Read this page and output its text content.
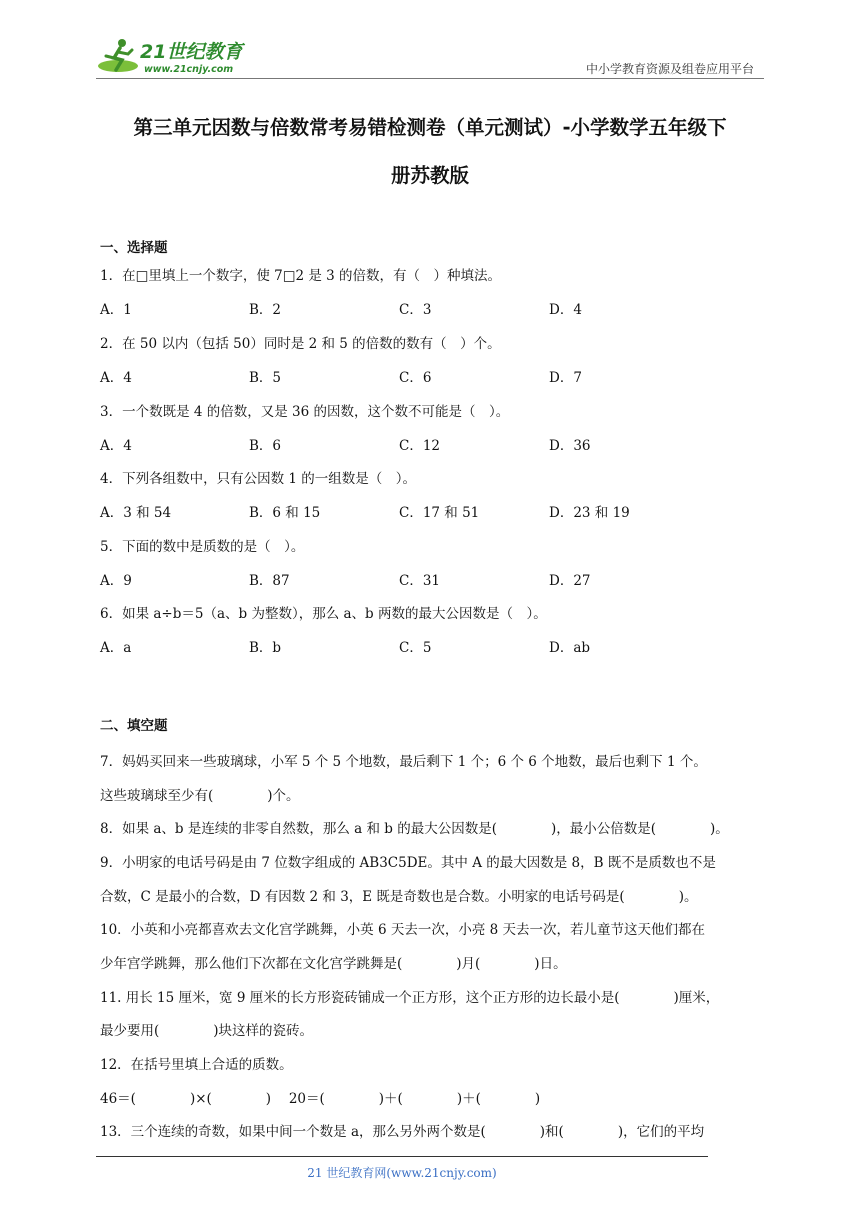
21世纪教育
www.21cnjy.com	中小学教育资源及组卷应用平台
第三单元因数与倍数常考易错检测卷（单元测试）-小学数学五年级下
册苏教版
一、选择题
1．在□里填上一个数字，使 7□2 是 3 的倍数，有（　）种填法。
A．1	B．2	C．3	D．4
2．在 50 以内（包括 50）同时是 2 和 5 的倍数的数有（　）个。
A．4	B．5	C．6	D．7
3．一个数既是 4 的倍数，又是 36 的因数，这个数不可能是（　）。
A．4	B．6	C．12	D．36
4．下列各组数中，只有公因数 1 的一组数是（　）。
A．3 和 54	B．6 和 15	C．17 和 51	D．23 和 19
5．下面的数中是质数的是（　）。
A．9	B．87	C．31	D．27
6．如果 a÷b＝5（a、b 为整数），那么 a、b 两数的最大公因数是（　）。
A．a	B．b	C．5	D．ab
二、填空题
7．妈妈买回来一些玻璃球，小军 5 个 5 个地数，最后剩下 1 个；6 个 6 个地数，最后也剩下 1 个。
这些玻璃球至少有(　　　　)个。
8．如果 a、b 是连续的非零自然数，那么 a 和 b 的最大公因数是(　　　　)，最小公倍数是(　　　　)。
9．小明家的电话号码是由 7 位数字组成的 AB3C5DE。其中 A 的最大因数是 8，B 既不是质数也不是
合数，C 是最小的合数，D 有因数 2 和 3，E 既是奇数也是合数。小明家的电话号码是(　　　　)。
10．小英和小亮都喜欢去文化宫学跳舞，小英 6 天去一次，小亮 8 天去一次，若儿童节这天他们都在
少年宫学跳舞，那么他们下次都在文化宫学跳舞是(　　　　)月(　　　　)日。
11. 用长 15 厘米，宽 9 厘米的长方形瓷砖铺成一个正方形，这个正方形的边长最小是(　　　　)厘米，
最少要用(　　　　)块这样的瓷砖。
12．在括号里填上合适的质数。
46＝(　　　　)×(　　　　)　 20＝(　　　　)＋(　　　　)＋(　　　　)
13．三个连续的奇数，如果中间一个数是 a，那么另外两个数是(　　　　)和(　　　　)，它们的平均
21 世纪教育网(www.21cnjy.com)
